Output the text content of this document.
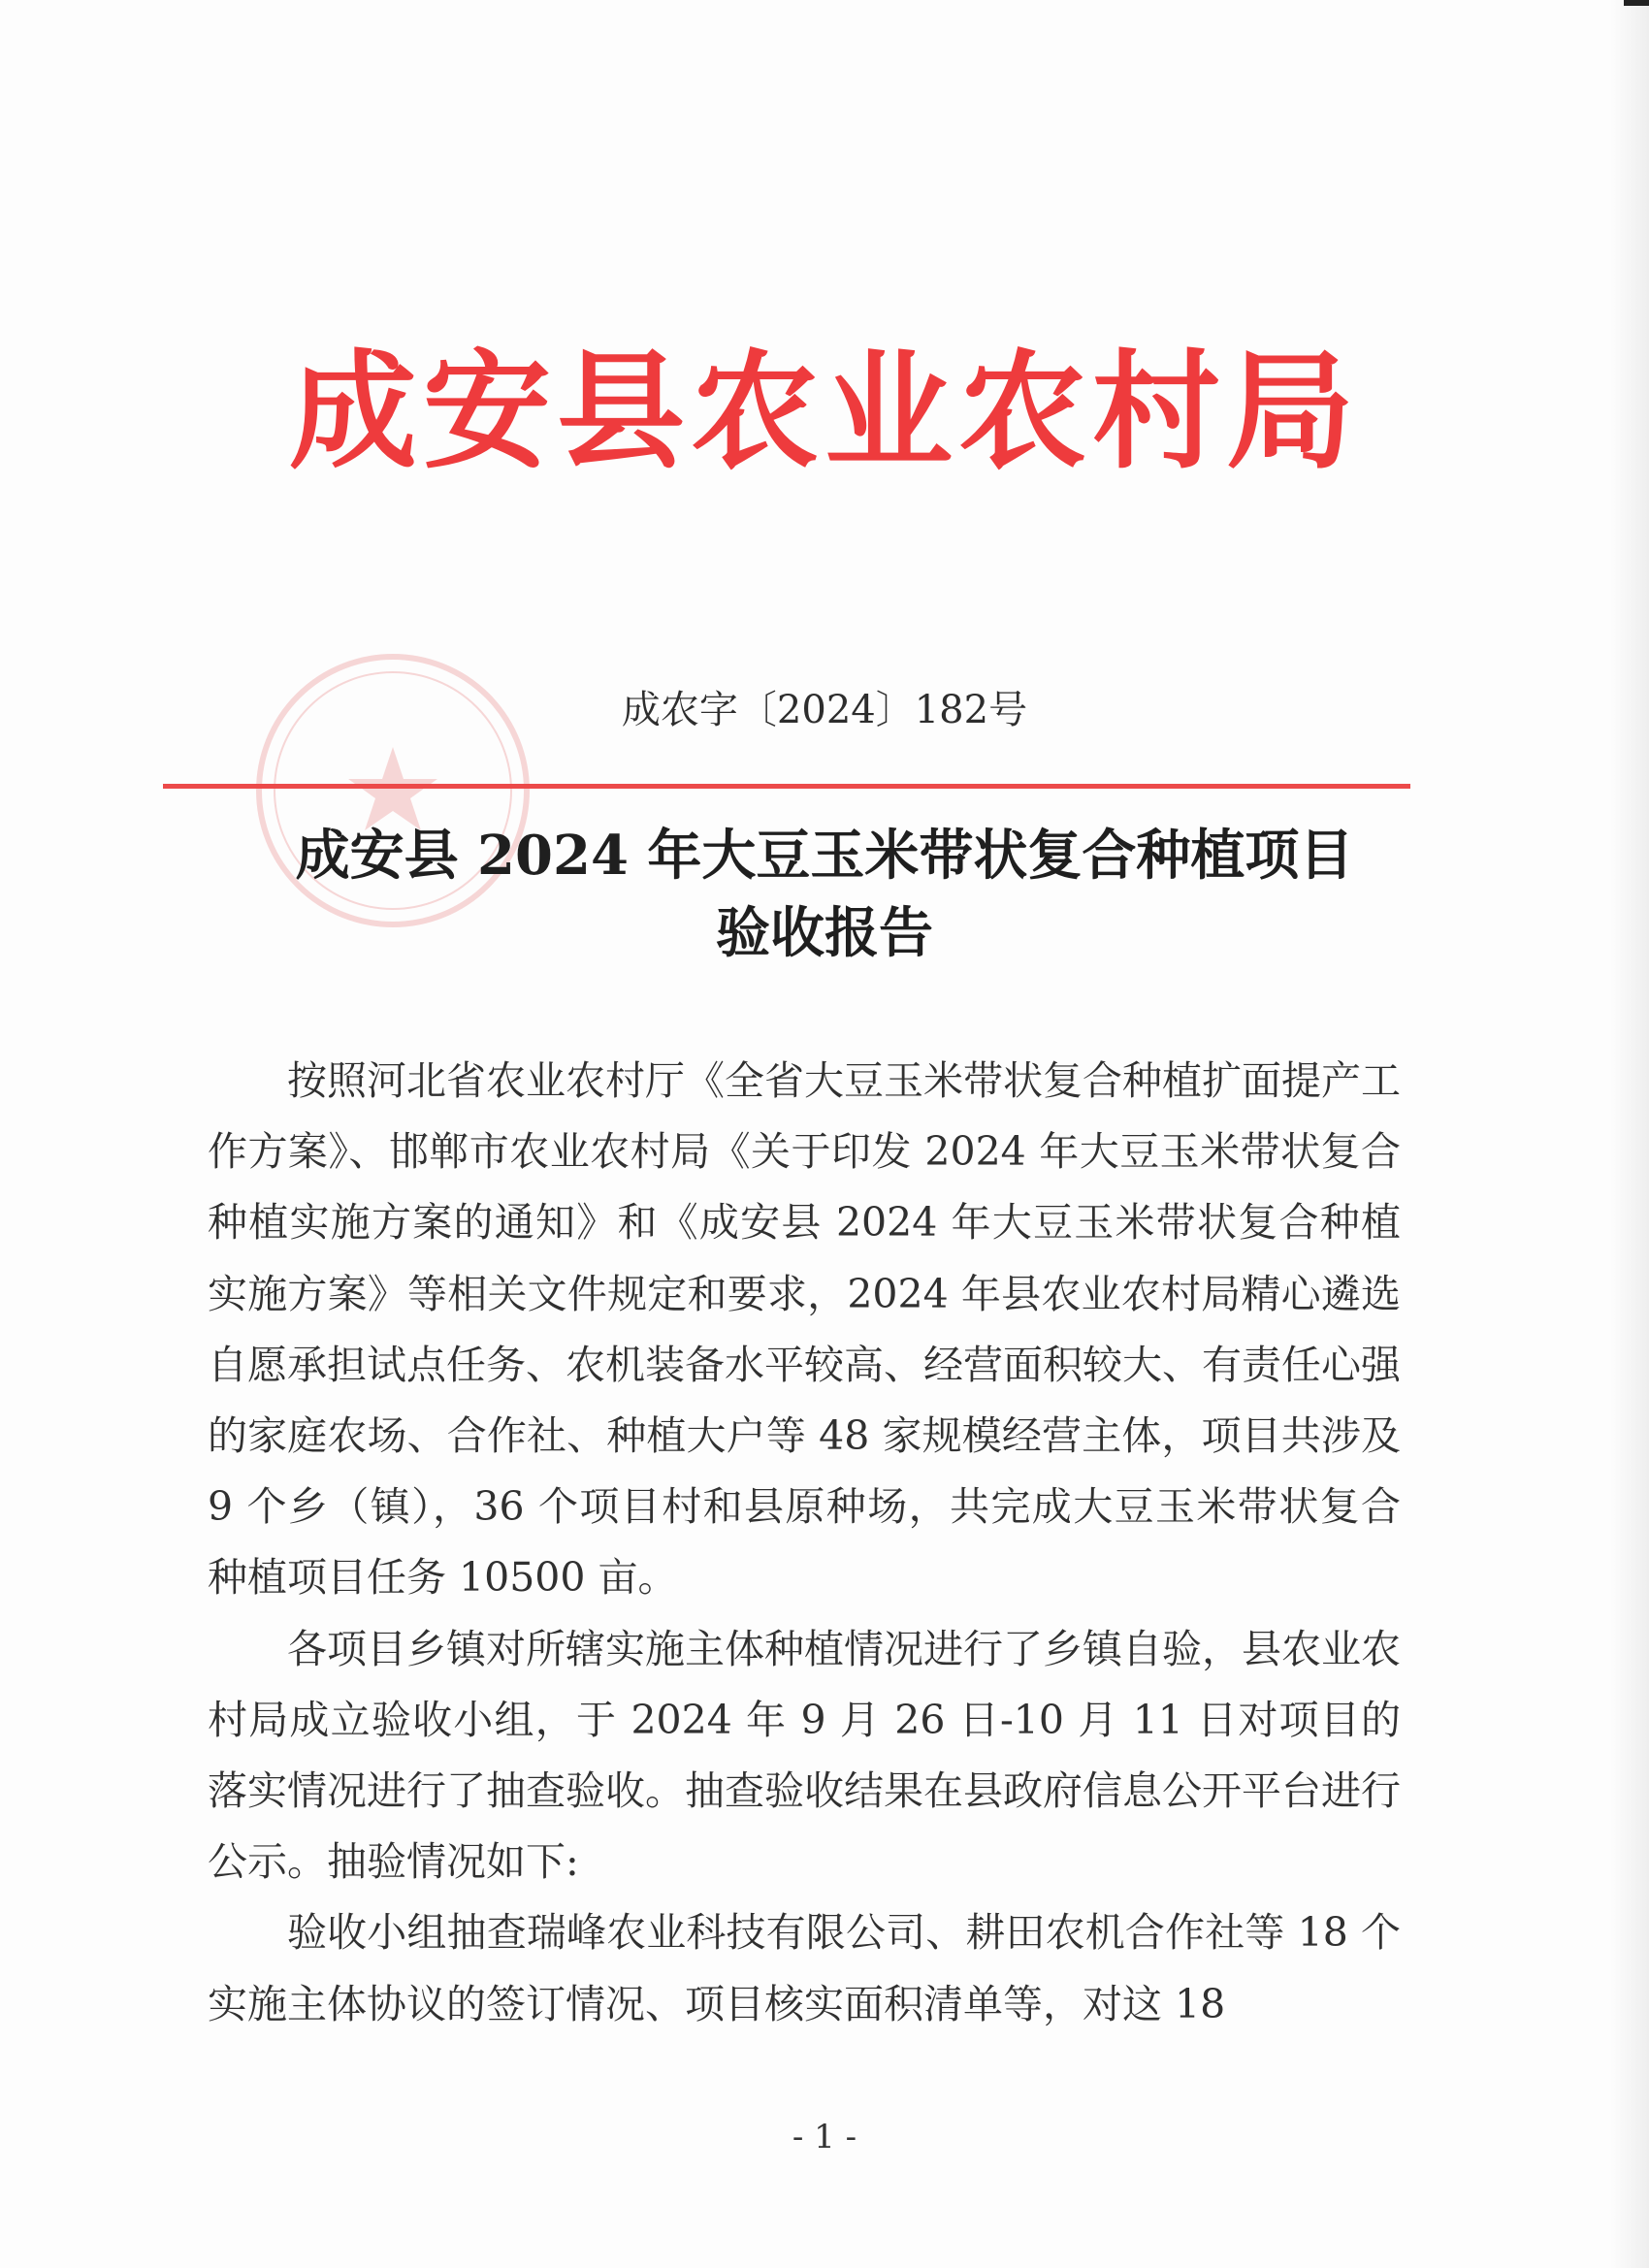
成安县农业农村局
成农字〔2024〕182号
成安县 2024 年大豆玉米带状复合种植项目
验收报告

按照河北省农业农村厅《全省大豆玉米带状复合种植扩面提产工作方案》、邯郸市农业农村局《关于印发 2024 年大豆玉米带状复合种植实施方案的通知》和《成安县 2024 年大豆玉米带状复合种植实施方案》等相关文件规定和要求，2024 年县农业农村局精心遴选自愿承担试点任务、农机装备水平较高、经营面积较大、有责任心强的家庭农场、合作社、种植大户等 48 家规模经营主体，项目共涉及 9 个乡（镇），36 个项目村和县原种场，共完成大豆玉米带状复合种植项目任务 10500 亩。

各项目乡镇对所辖实施主体种植情况进行了乡镇自验，县农业农村局成立验收小组，于 2024 年 9 月 26 日-10 月 11 日对项目的落实情况进行了抽查验收。抽查验收结果在县政府信息公开平台进行公示。抽验情况如下:

验收小组抽查瑞峰农业科技有限公司、耕田农机合作社等 18 个实施主体协议的签订情况、项目核实面积清单等，对这 18

- 1 -
